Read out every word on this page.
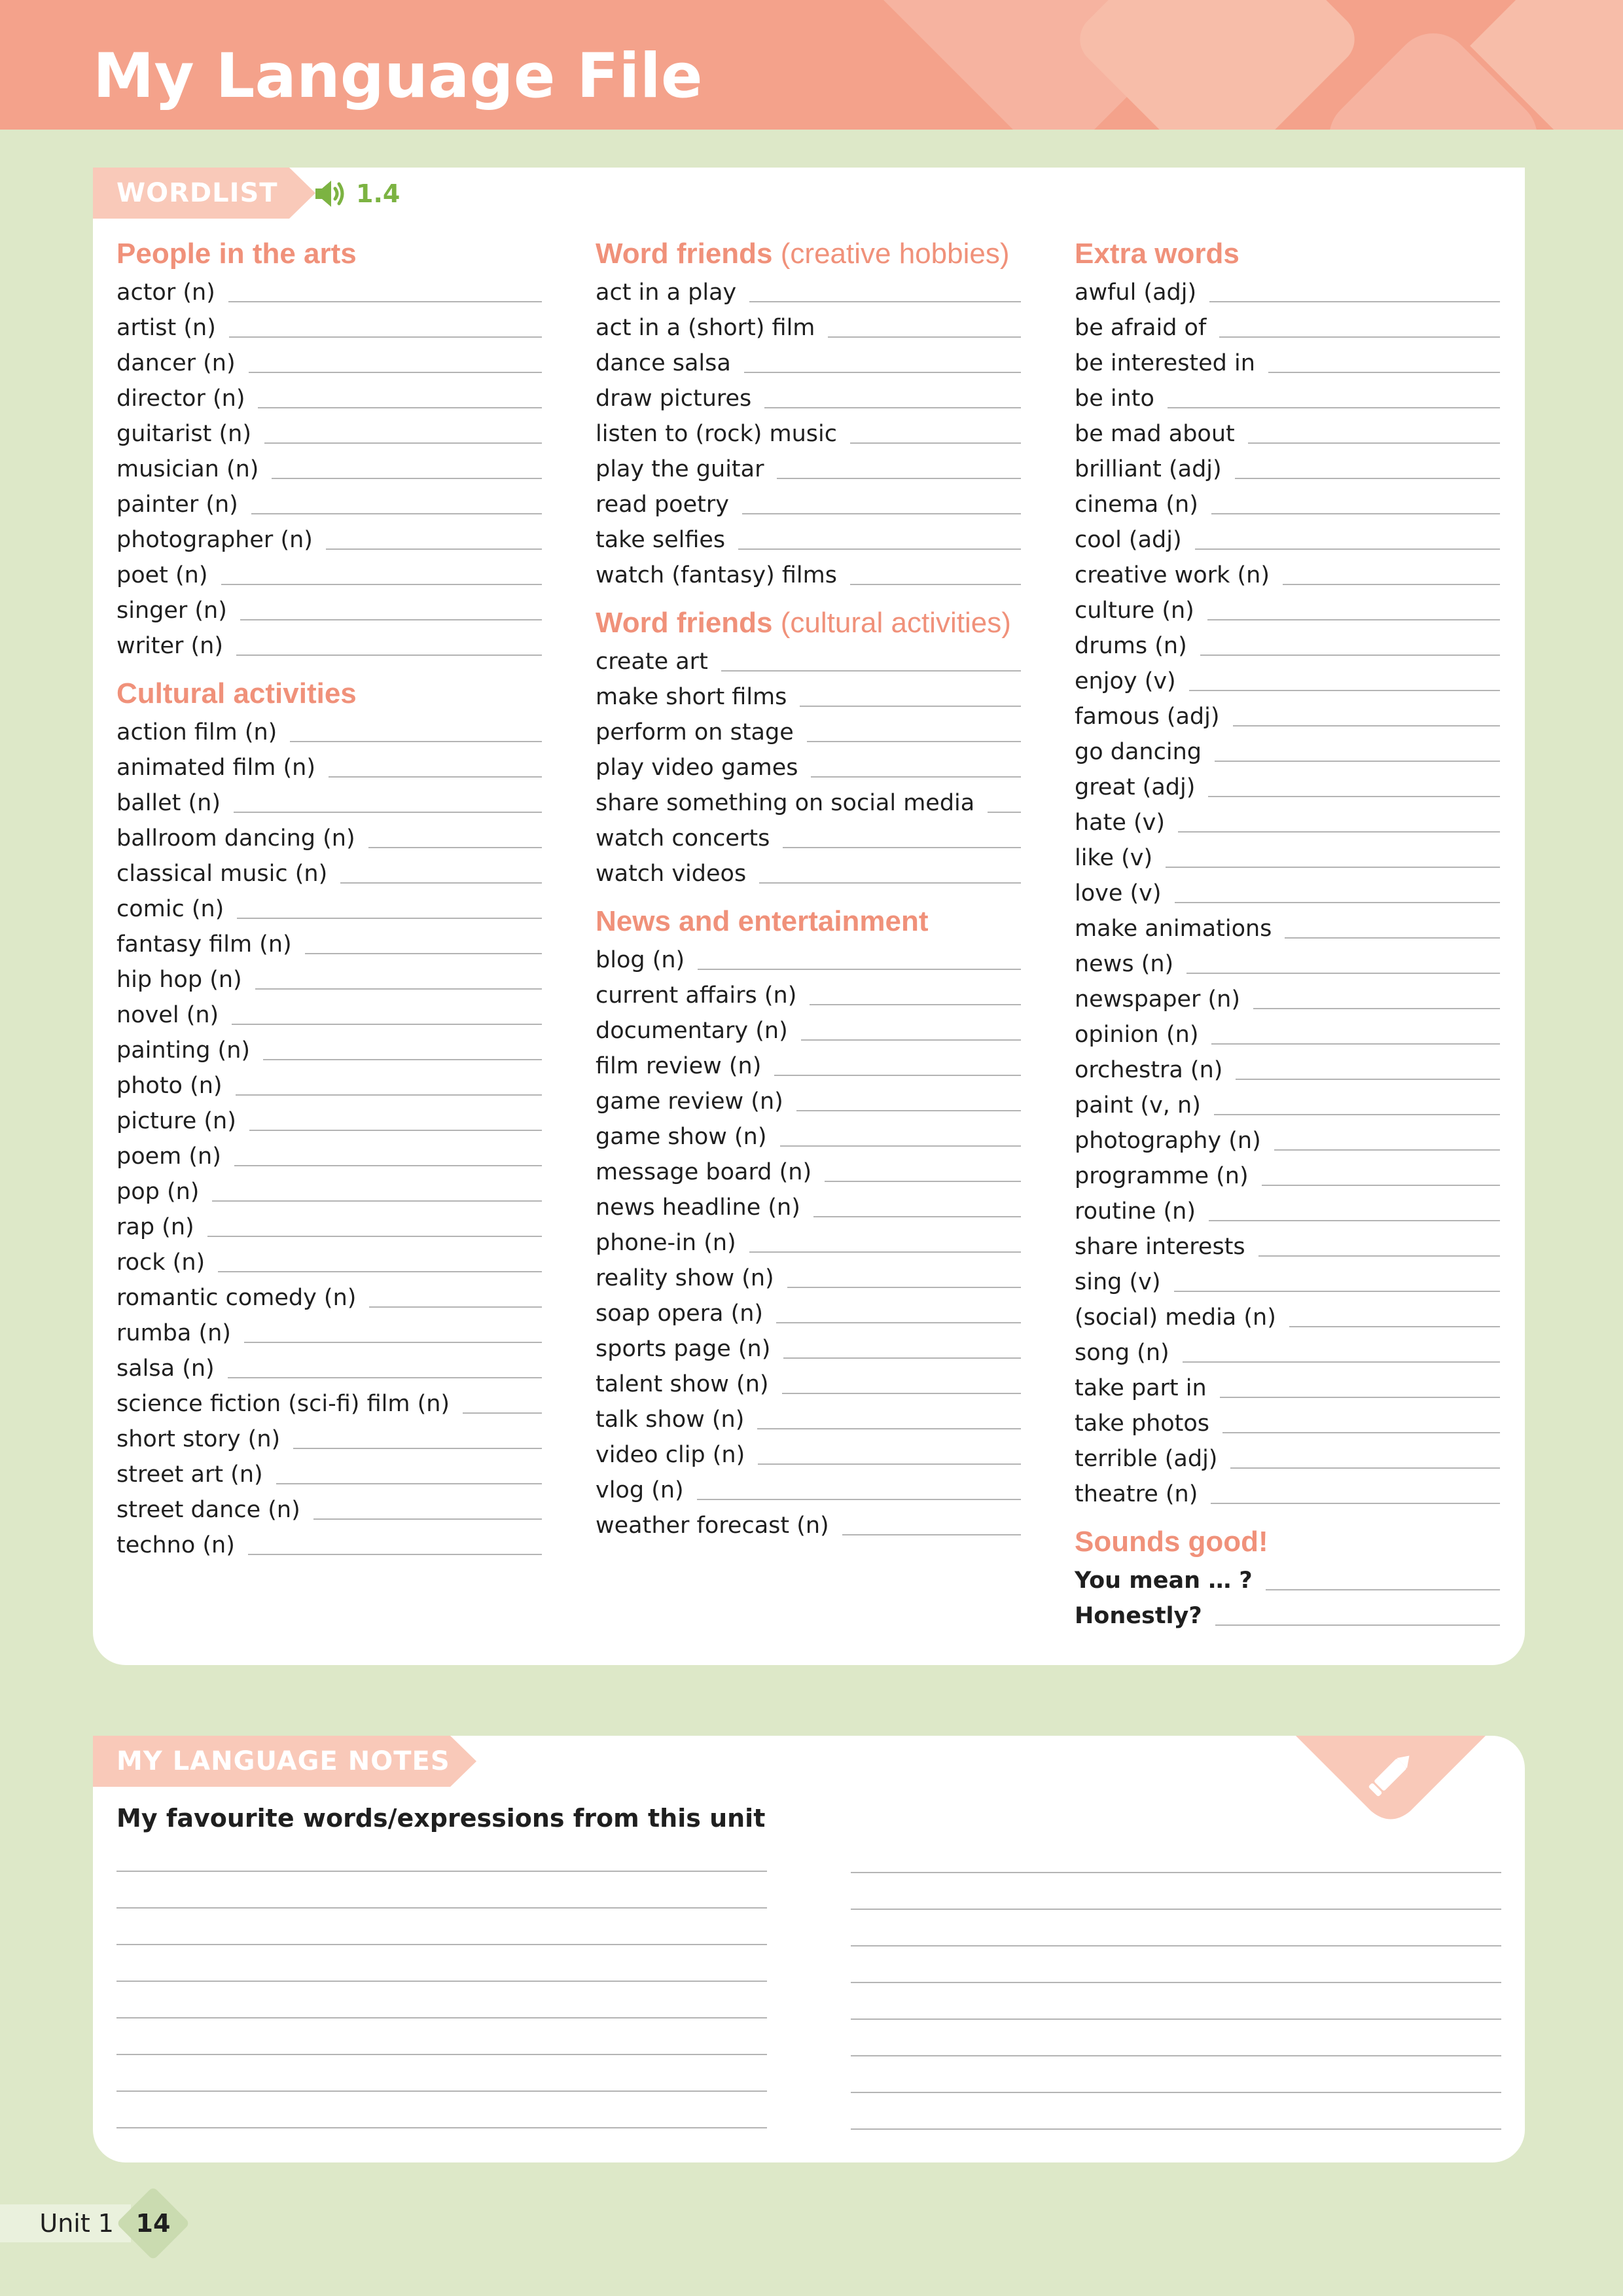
My Language File
WORDLIST	1.4
People in the arts
actor (n)
artist (n)
dancer (n)
director (n)
guitarist (n)
musician (n)
painter (n)
photographer (n)
poet (n)
singer (n)
writer (n)
Cultural activities
action film (n)
animated film (n)
ballet (n)
ballroom dancing (n)
classical music (n)
comic (n)
fantasy film (n)
hip hop (n)
novel (n)
painting (n)
photo (n)
picture (n)
poem (n)
pop (n)
rap (n)
rock (n)
romantic comedy (n)
rumba (n)
salsa (n)
science fiction (sci-fi) film (n)
short story (n)
street art (n)
street dance (n)
techno (n)
Word friends (creative hobbies)
act in a play
act in a (short) film
dance salsa
draw pictures
listen to (rock) music
play the guitar
read poetry
take selfies
watch (fantasy) films
Word friends (cultural activities)
create art
make short films
perform on stage
play video games
share something on social media
watch concerts
watch videos
News and entertainment
blog (n)
current affairs (n)
documentary (n)
film review (n)
game review (n)
game show (n)
message board (n)
news headline (n)
phone-in (n)
reality show (n)
soap opera (n)
sports page (n)
talent show (n)
talk show (n)
video clip (n)
vlog (n)
weather forecast (n)
Extra words
awful (adj)
be afraid of
be interested in
be into
be mad about
brilliant (adj)
cinema (n)
cool (adj)
creative work (n)
culture (n)
drums (n)
enjoy (v)
famous (adj)
go dancing
great (adj)
hate (v)
like (v)
love (v)
make animations
news (n)
newspaper (n)
opinion (n)
orchestra (n)
paint (v, n)
photography (n)
programme (n)
routine (n)
share interests
sing (v)
(social) media (n)
song (n)
take part in
take photos
terrible (adj)
theatre (n)
Sounds good!
You mean … ?
Honestly?
MY LANGUAGE NOTES
My favourite words/expressions from this unit
Unit 1 14
